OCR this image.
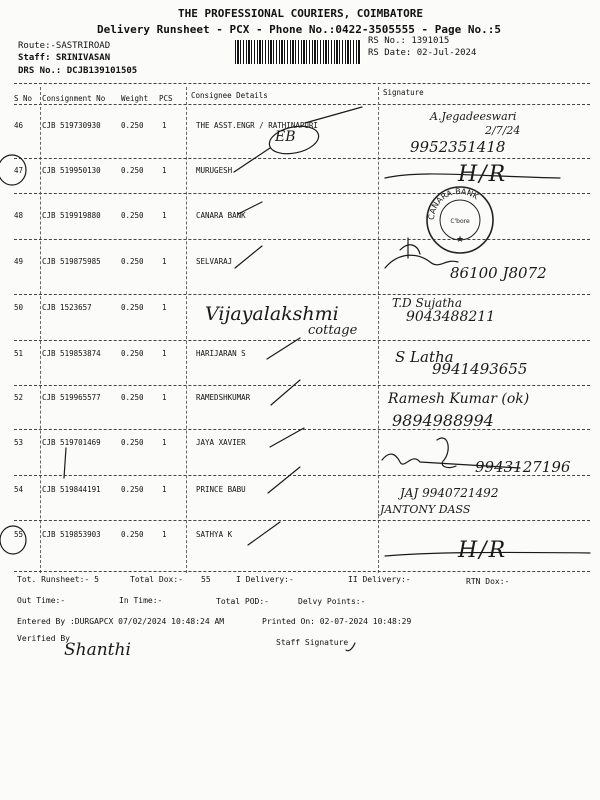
THE PROFESSIONAL COURIERS, COIMBATORE
Delivery Runsheet - PCX - Phone No.:0422-3505555 - Page No.:5
Route:-SASTRIROAD
Staff: SRINIVASAN
DRS No.: DCJB139101505
RS No.: 1391015
RS Date: 02-Jul-2024
S No Consignment No Weight PCS Consignee Details	Signature
46	CJB 519730930	0.250 1	THE ASST.ENGR / RATHINAPURI
47	CJB 519950130	0.250 1	MURUGESH
48	CJB 519919880	0.250 1	CANARA BANK
49	CJB 519875985	0.250 1	SELVARAJ
50	CJB 1523657	0.250 1
51	CJB 519853874	0.250 1	HARIJARAN S
52	CJB 519965577	0.250 1	RAMEDSHKUMAR
53	CJB 519701469	0.250 1	JAYA XAVIER
54	CJB 519844191	0.250 1	PRINCE BABU
55	CJB 519853903	0.250 1	SATHYA K
Tot. Runsheet:- 5	Total Dox:- 55	I Delivery:-	II Delivery:-	RTN Dox:-
Out Time:-	In Time:-	Total POD:-	Delvy Points:-
Entered By :DURGAPCX 07/02/2024 10:48:24 AM	Printed On: 02-07-2024 10:48:29
Verified By	Staff Signature
EB
A.Jegadeeswari
2/7/24
9952351418
H/R
86100 J8072
Vijayalakshmi
cottage
T.D Sujatha
9043488211
S Latha
9941493655
Ramesh Kumar (ok)
9894988994
9943127196
JAJ 9940721492
JANTONY DASS
H/R
Shanthi
CANARA BANK
C'bore
★
